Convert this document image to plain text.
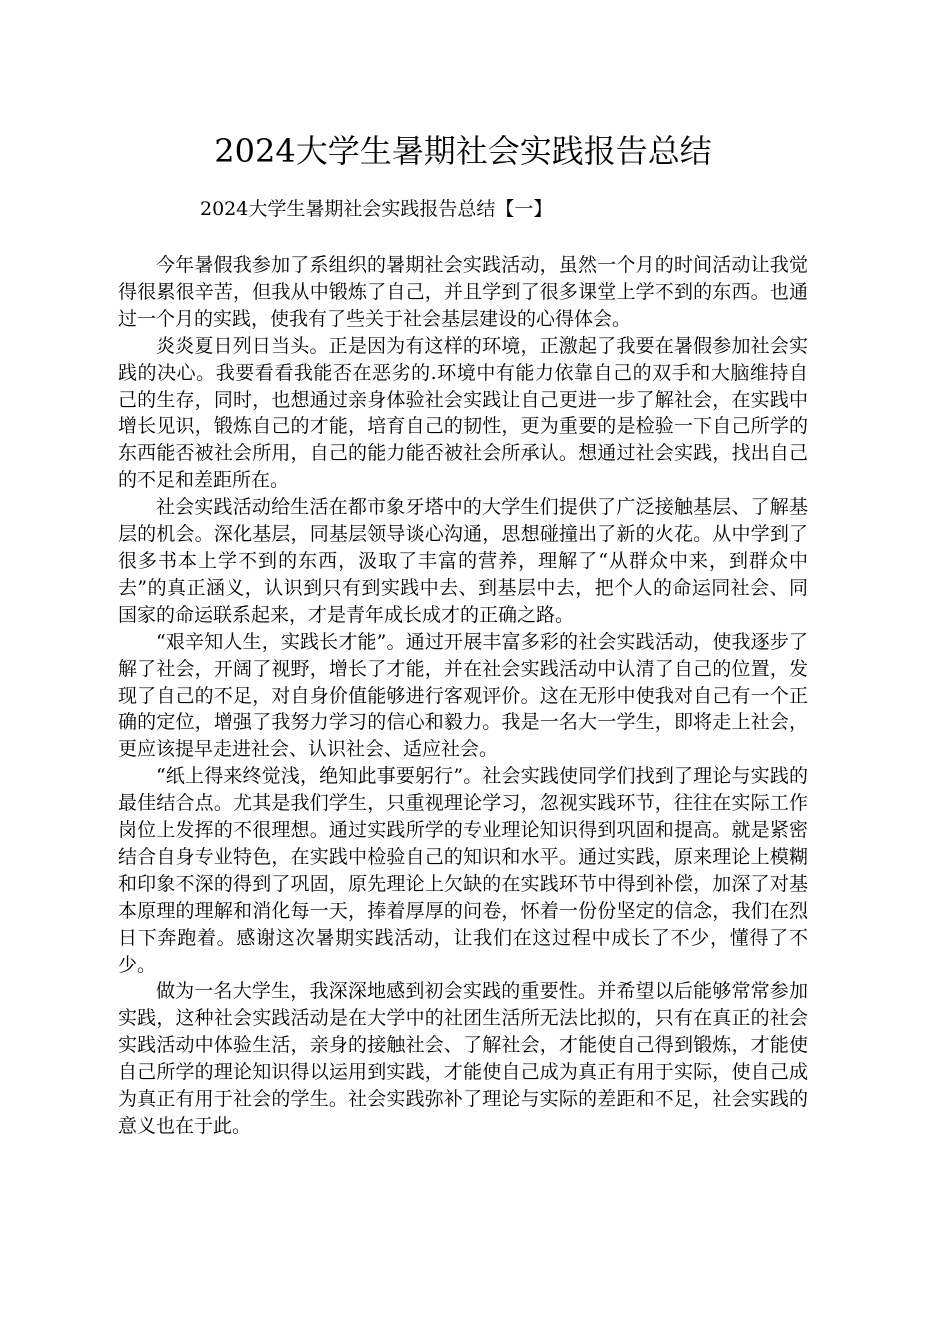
2024大学生暑期社会实践报告总结
2024大学生暑期社会实践报告总结【一】

今年暑假我参加了系组织的暑期社会实践活动，虽然一个月的时间活动让我觉得很累很辛苦，但我从中锻炼了自己，并且学到了很多课堂上学不到的东西。也通过一个月的实践，使我有了些关于社会基层建设的心得体会。

炎炎夏日列日当头。正是因为有这样的环境，正激起了我要在暑假参加社会实践的决心。我要看看我能否在恶劣的.环境中有能力依靠自己的双手和大脑维持自己的生存，同时，也想通过亲身体验社会实践让自己更进一步了解社会，在实践中增长见识，锻炼自己的才能，培育自己的韧性，更为重要的是检验一下自己所学的东西能否被社会所用，自己的能力能否被社会所承认。想通过社会实践，找出自己的不足和差距所在。

社会实践活动给生活在都市象牙塔中的大学生们提供了广泛接触基层、了解基层的机会。深化基层，同基层领导谈心沟通，思想碰撞出了新的火花。从中学到了很多书本上学不到的东西，汲取了丰富的营养，理解了“从群众中来，到群众中去”的真正涵义，认识到只有到实践中去、到基层中去，把个人的命运同社会、同国家的命运联系起来，才是青年成长成才的正确之路。

“艰辛知人生，实践长才能”。通过开展丰富多彩的社会实践活动，使我逐步了解了社会，开阔了视野，增长了才能，并在社会实践活动中认清了自己的位置，发现了自己的不足，对自身价值能够进行客观评价。这在无形中使我对自己有一个正确的定位，增强了我努力学习的信心和毅力。我是一名大一学生，即将走上社会，更应该提早走进社会、认识社会、适应社会。

“纸上得来终觉浅，绝知此事要躬行”。社会实践使同学们找到了理论与实践的最佳结合点。尤其是我们学生，只重视理论学习，忽视实践环节，往往在实际工作岗位上发挥的不很理想。通过实践所学的专业理论知识得到巩固和提高。就是紧密结合自身专业特色，在实践中检验自己的知识和水平。通过实践，原来理论上模糊和印象不深的得到了巩固，原先理论上欠缺的在实践环节中得到补偿，加深了对基本原理的理解和消化每一天，捧着厚厚的问卷，怀着一份份坚定的信念，我们在烈日下奔跑着。感谢这次暑期实践活动，让我们在这过程中成长了不少，懂得了不少。

做为一名大学生，我深深地感到初会实践的重要性。并希望以后能够常常参加实践，这种社会实践活动是在大学中的社团生活所无法比拟的，只有在真正的社会实践活动中体验生活，亲身的接触社会、了解社会，才能使自己得到锻炼，才能使自己所学的理论知识得以运用到实践，才能使自己成为真正有用于实际，使自己成为真正有用于社会的学生。社会实践弥补了理论与实际的差距和不足，社会实践的意义也在于此。
